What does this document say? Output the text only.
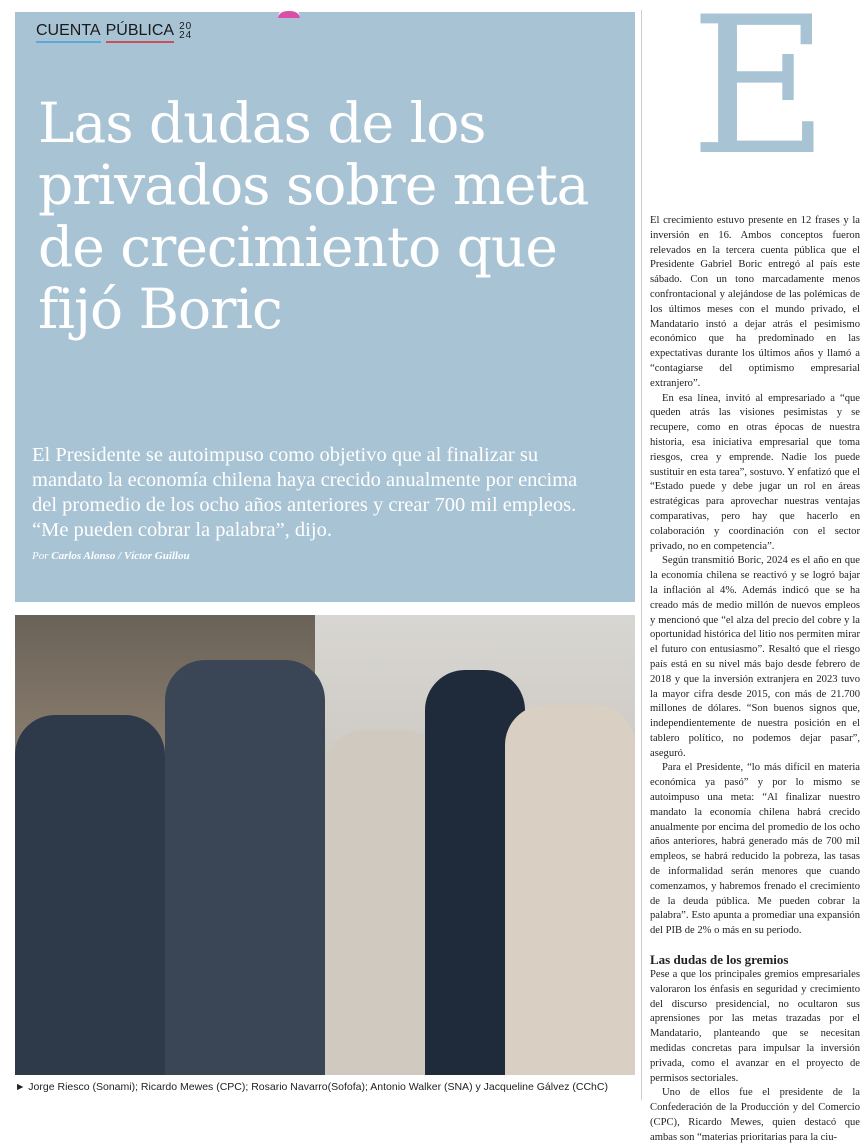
CUENTA PÚBLICA 2024
Las dudas de los privados sobre meta de crecimiento que fijó Boric

El Presidente se autoimpuso como objetivo que al finalizar su mandato la economía chilena haya crecido anualmente por encima del promedio de los ocho años anteriores y crear 700 mil empleos. “Me pueden cobrar la palabra”, dijo.

Por Carlos Alonso / Víctor Guillou
► Jorge Riesco (Sonami); Ricardo Mewes (CPC); Rosario Navarro(Sofofa); Antonio Walker (SNA) y Jacqueline Gálvez (CChC)
E

El crecimiento estuvo presente en 12 frases y la inversión en 16. Ambos conceptos fueron relevados en la tercera cuenta pública que el Presidente Gabriel Boric entregó al país este sábado. Con un tono marcadamente menos confrontacional y alejándose de las polémicas de los últimos meses con el mundo privado, el Mandatario instó a dejar atrás el pesimismo económico que ha predominado en las expectativas durante los últimos años y llamó a “contagiarse del optimismo empresarial extranjero”.

En esa línea, invitó al empresariado a “que queden atrás las visiones pesimistas y se recupere, como en otras épocas de nuestra historia, esa iniciativa empresarial que toma riesgos, crea y emprende. Nadie los puede sustituir en esta tarea”, sostuvo. Y enfatizó que el “Estado puede y debe jugar un rol en áreas estratégicas para aprovechar nuestras ventajas comparativas, pero hay que hacerlo en colaboración y coordinación con el sector privado, no en competencia”.

Según transmitió Boric, 2024 es el año en que la economía chilena se reactivó y se logró bajar la inflación al 4%. Además indicó que se ha creado más de medio millón de nuevos empleos y mencionó que “el alza del precio del cobre y la oportunidad histórica del litio nos permiten mirar el futuro con entusiasmo”. Resaltó que el riesgo país está en su nivel más bajo desde febrero de 2018 y que la inversión extranjera en 2023 tuvo la mayor cifra desde 2015, con más de 21.700 millones de dólares. “Son buenos signos que, independientemente de nuestra posición en el tablero político, no podemos dejar pasar”, aseguró.

Para el Presidente, “lo más difícil en materia económica ya pasó” y por lo mismo se autoimpuso una meta: “Al finalizar nuestro mandato la economía chilena habrá crecido anualmente por encima del promedio de los ocho años anteriores, habrá generado más de 700 mil empleos, se habrá reducido la pobreza, las tasas de informalidad serán menores que cuando comenzamos, y habremos frenado el crecimiento de la deuda pública. Me pueden cobrar la palabra”. Esto apunta a promediar una expansión del PIB de 2% o más en su periodo.

Las dudas de los gremios

Pese a que los principales gremios empresariales valoraron los énfasis en seguridad y crecimiento del discurso presidencial, no ocultaron sus aprensiones por las metas trazadas por el Mandatario, planteando que se necesitan medidas concretas para impulsar la inversión privada, como el avanzar en el proyecto de permisos sectoriales.

Uno de ellos fue el presidente de la Confederación de la Producción y del Comercio (CPC), Ricardo Mewes, quien destacó que ambas son “materias prioritarias para la ciu-
